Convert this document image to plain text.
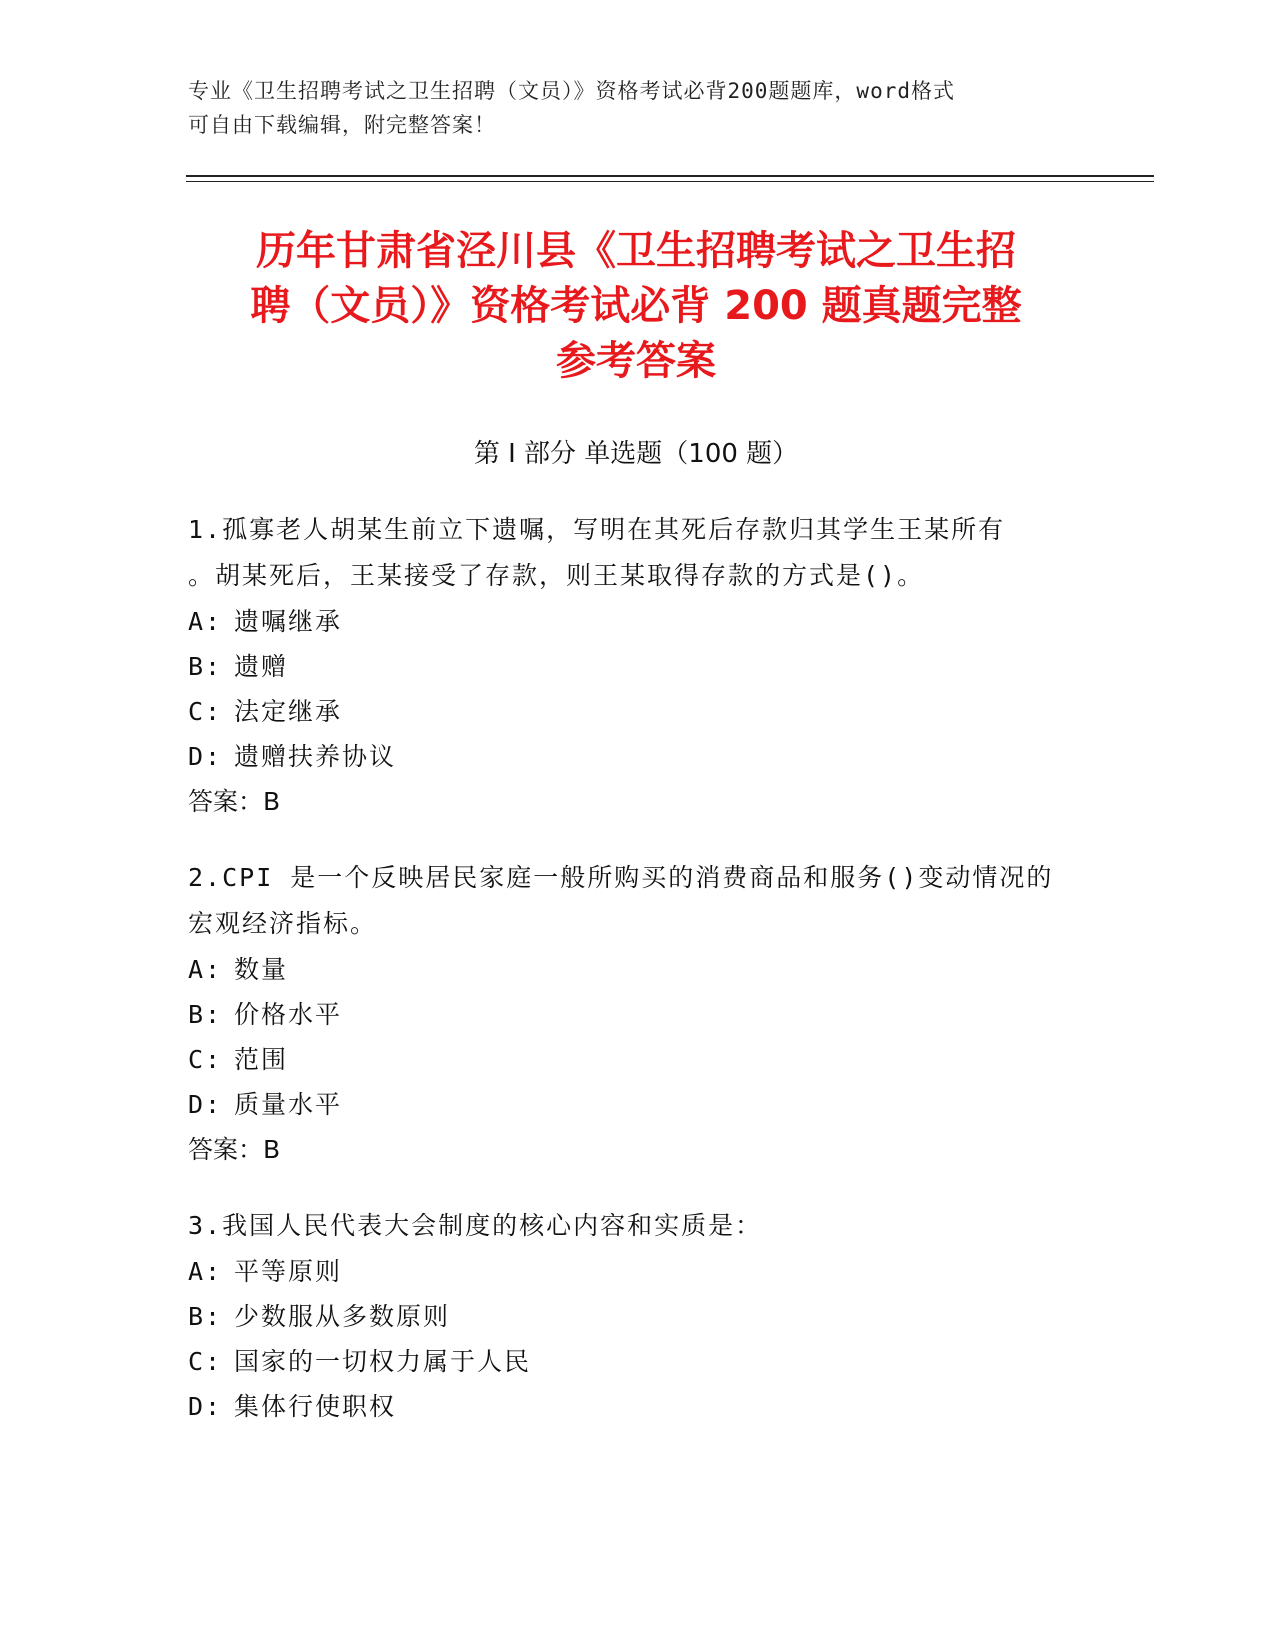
专业《卫生招聘考试之卫生招聘（文员）》资格考试必背200题题库，word格式
可自由下载编辑，附完整答案！
历年甘肃省泾川县《卫生招聘考试之卫生招
聘（文员）》资格考试必背 200 题真题完整
参考答案
第 I 部分 单选题（100 题）
1.孤寡老人胡某生前立下遗嘱，写明在其死后存款归其学生王某所有
。胡某死后，王某接受了存款，则王某取得存款的方式是()。
A: 遗嘱继承
B: 遗赠
C: 法定继承
D: 遗赠扶养协议
答案：B
2.CPI 是一个反映居民家庭一般所购买的消费商品和服务()变动情况的
宏观经济指标。
A: 数量
B: 价格水平
C: 范围
D: 质量水平
答案：B
3.我国人民代表大会制度的核心内容和实质是：
A: 平等原则
B: 少数服从多数原则
C: 国家的一切权力属于人民
D: 集体行使职权
